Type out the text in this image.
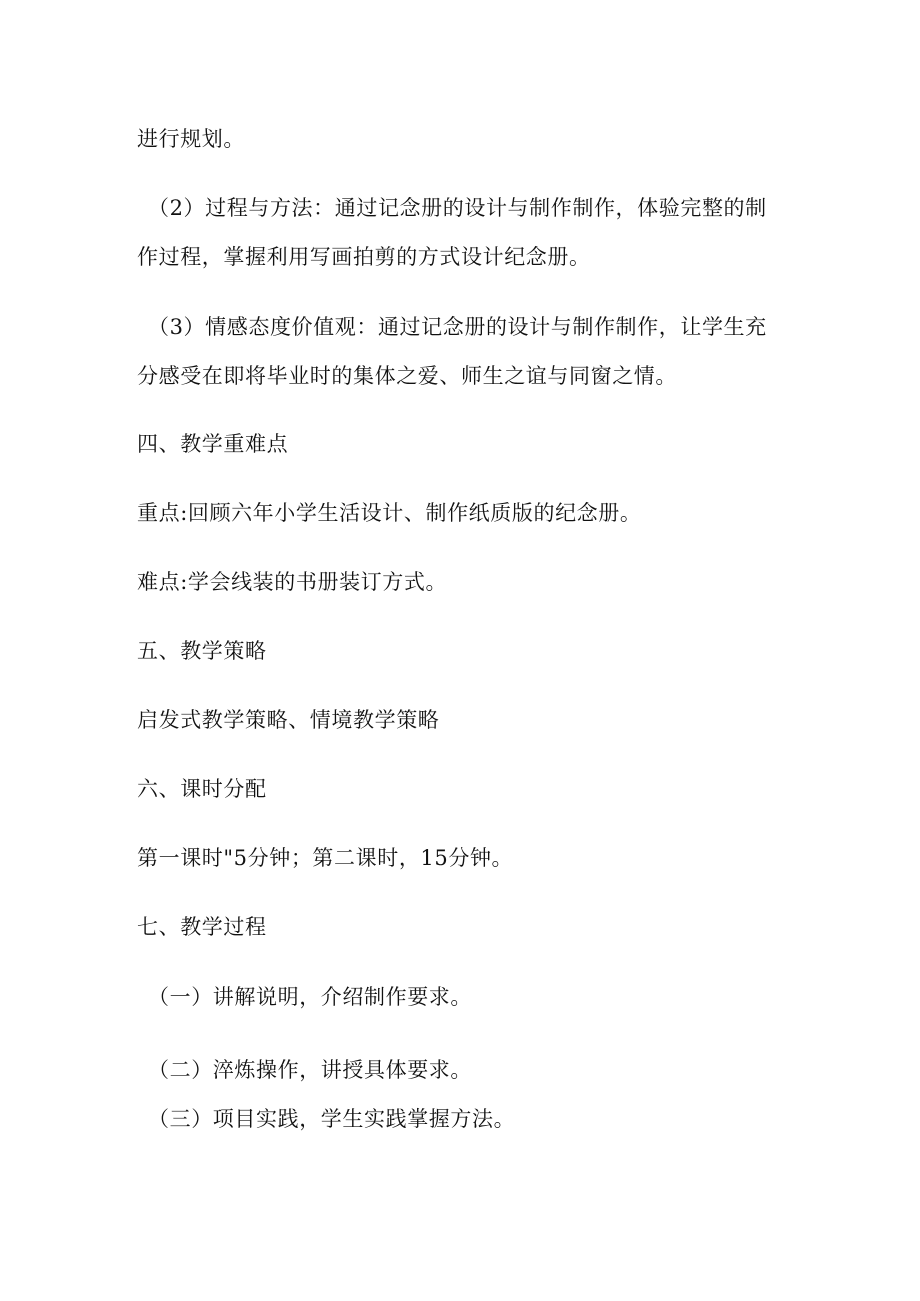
进行规划。
（2）过程与方法：通过记念册的设计与制作制作，体验完整的制
作过程，掌握利用写画拍剪的方式设计纪念册。
（3）情感态度价值观：通过记念册的设计与制作制作，让学生充
分感受在即将毕业时的集体之爱、师生之谊与同窗之情。
四、教学重难点
重点:回顾六年小学生活设计、制作纸质版的纪念册。
难点:学会线装的书册装订方式。
五、教学策略
启发式教学策略、情境教学策略
六、课时分配
第一课时"5分钟；第二课时，15分钟。
七、教学过程
（一）讲解说明，介绍制作要求。
（二）淬炼操作，讲授具体要求。
（三）项目实践，学生实践掌握方法。
